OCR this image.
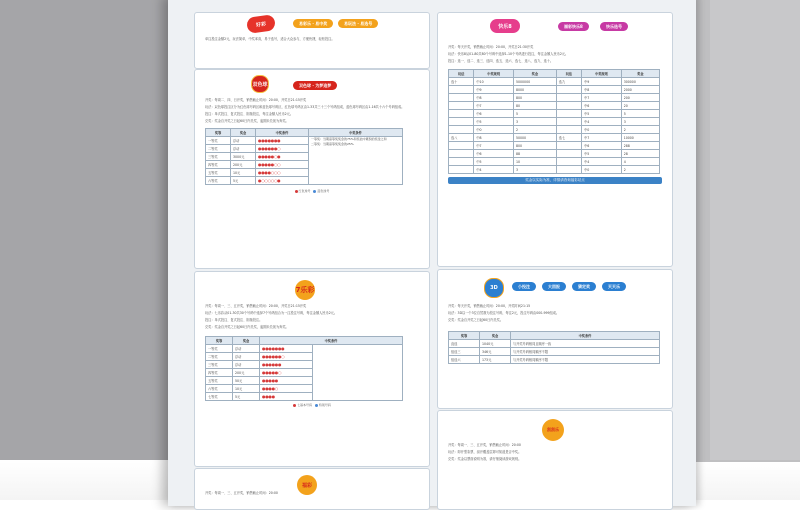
好彩	易彩乐 · 易中奖	易玩法 · 易选号

单注投注金额2元，玩法简单，中奖率高，易于选号，适合大众参与，方便快捷，轻松投注。

双色球	双色球 · 为梦追梦

开奖：每周二、四、日开奖，销售截止时间：20:00，开奖日21:15开奖

玩法：双色球投注区分为红色球号码区和蓝色球号码区，红色球号码区由1-33共三十三个号码组成，蓝色球号码区由1-16共十六个号码组成。

投注：单式投注、复式投注、胆拖投注，每注金额人民币2元。

兑奖：奖金自开奖之日起60日内兑奖，逾期未兑视为弃奖。

奖等	奖金	中奖条件	中奖条件
一等奖	浮动	●●●●●●●	一等奖：当期高等奖奖金的75%和奖池中累积的奖金之和
二等奖：当期高等奖奖金的25%
二等奖	浮动	●●●●●●○	
三等奖	3000元	●●●●●○●	
四等奖	200元	●●●●●○○	
五等奖	10元	●●●●○○○	
六等奖	5元	●○○○○○●	
红色球号 蓝色球号
7乐彩

开奖：每周一、三、五开奖，销售截止时间：20:00，开奖日21:15开奖

玩法：七乐彩从01-30共30个号码中选择7个号码组合为一注投注号码，每注金额人民币2元。

投注：单式投注、复式投注、胆拖投注。

兑奖：奖金自开奖之日起60日内兑奖，逾期未兑视为弃奖。

奖等	奖金	中奖条件	
一等奖	浮动	●●●●●●●	
二等奖	浮动	●●●●●●○	
三等奖	浮动	●●●●●●	
四等奖	200元	●●●●●○	
五等奖	50元	●●●●●	
六等奖	10元	●●●●○	
七等奖	5元	●●●●	
七基本号码 特别号码
福彩

开奖：每周一、三、五开奖，销售截止时间：20:00

快乐8	福彩快乐8	快乐选号

开奖：每天开奖，销售截止时间：20:00，开奖日21:30开奖

玩法：快乐8从01-80共80个号码中选择1-10个号码进行投注，每注金额人民币2元。

投注：选一、选二、选三、选四、选五、选六、选七、选八、选九、选十。

玩法	中奖规则	奖金	玩法	中奖规则	奖金
选十	中10	5000000	选九	中9	300000
	中9	8000		中8	2000
	中8	800		中7	200
	中7	80		中6	20
	中6	5		中5	5
	中5	3		中4	3
	中0	2		中0	2
选八	中8	50000	选七	中7	10000
	中7	800		中6	288
	中6	88		中5	28
	中5	10		中4	4
	中4	3		中0	2
奖金以实际为准，详情请咨询福彩站点
3D	小投注	大回报	猜定奖	天天乐

开奖：每天开奖，销售截止时间：20:00，开奖时间21:15

玩法：3D以一个3位自然数为投注号码，每注2元，投注号码由000-999组成。

兑奖：奖金自开奖之日起60日内兑奖。

奖等	奖金	中奖条件
直选	1040元	与开奖号码相同且顺序一致
组选三	346元	与开奖号码相同顺序不限
组选六	173元	与开奖号码相同顺序不限
刮刮乐

开奖：每周一、三、五开奖，销售截止时间：20:00

玩法：即开型彩票，刮开覆盖层即可知道是否中奖。

兑奖：奖金以票面说明为准，请仔细阅读游戏规则。
